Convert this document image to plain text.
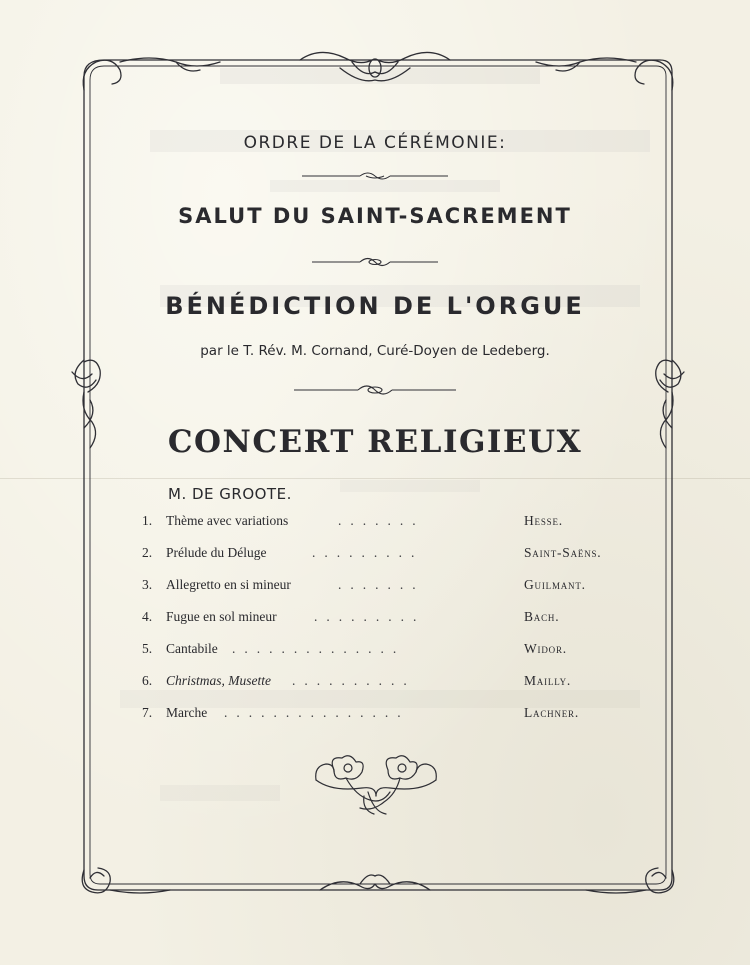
ORDRE DE LA CÉRÉMONIE:
SALUT DU SAINT-SACREMENT
BÉNÉDICTION DE L'ORGUE
par le T. Rév. M. Cornand, Curé-Doyen de Ledeberg.
CONCERT RELIGIEUX
M. DE GROOTE.
1. Thème avec variations	.......	Hesse.
2. Prélude du Déluge	.........	Saint-Saëns.
3. Allegretto en si mineur	.......	Guilmant.
4. Fugue en sol mineur	.........	Bach.
5. Cantabile ..............	Widor.
6. Christmas, Musette ..........	Mailly.
7. Marche ...............	Lachner.
